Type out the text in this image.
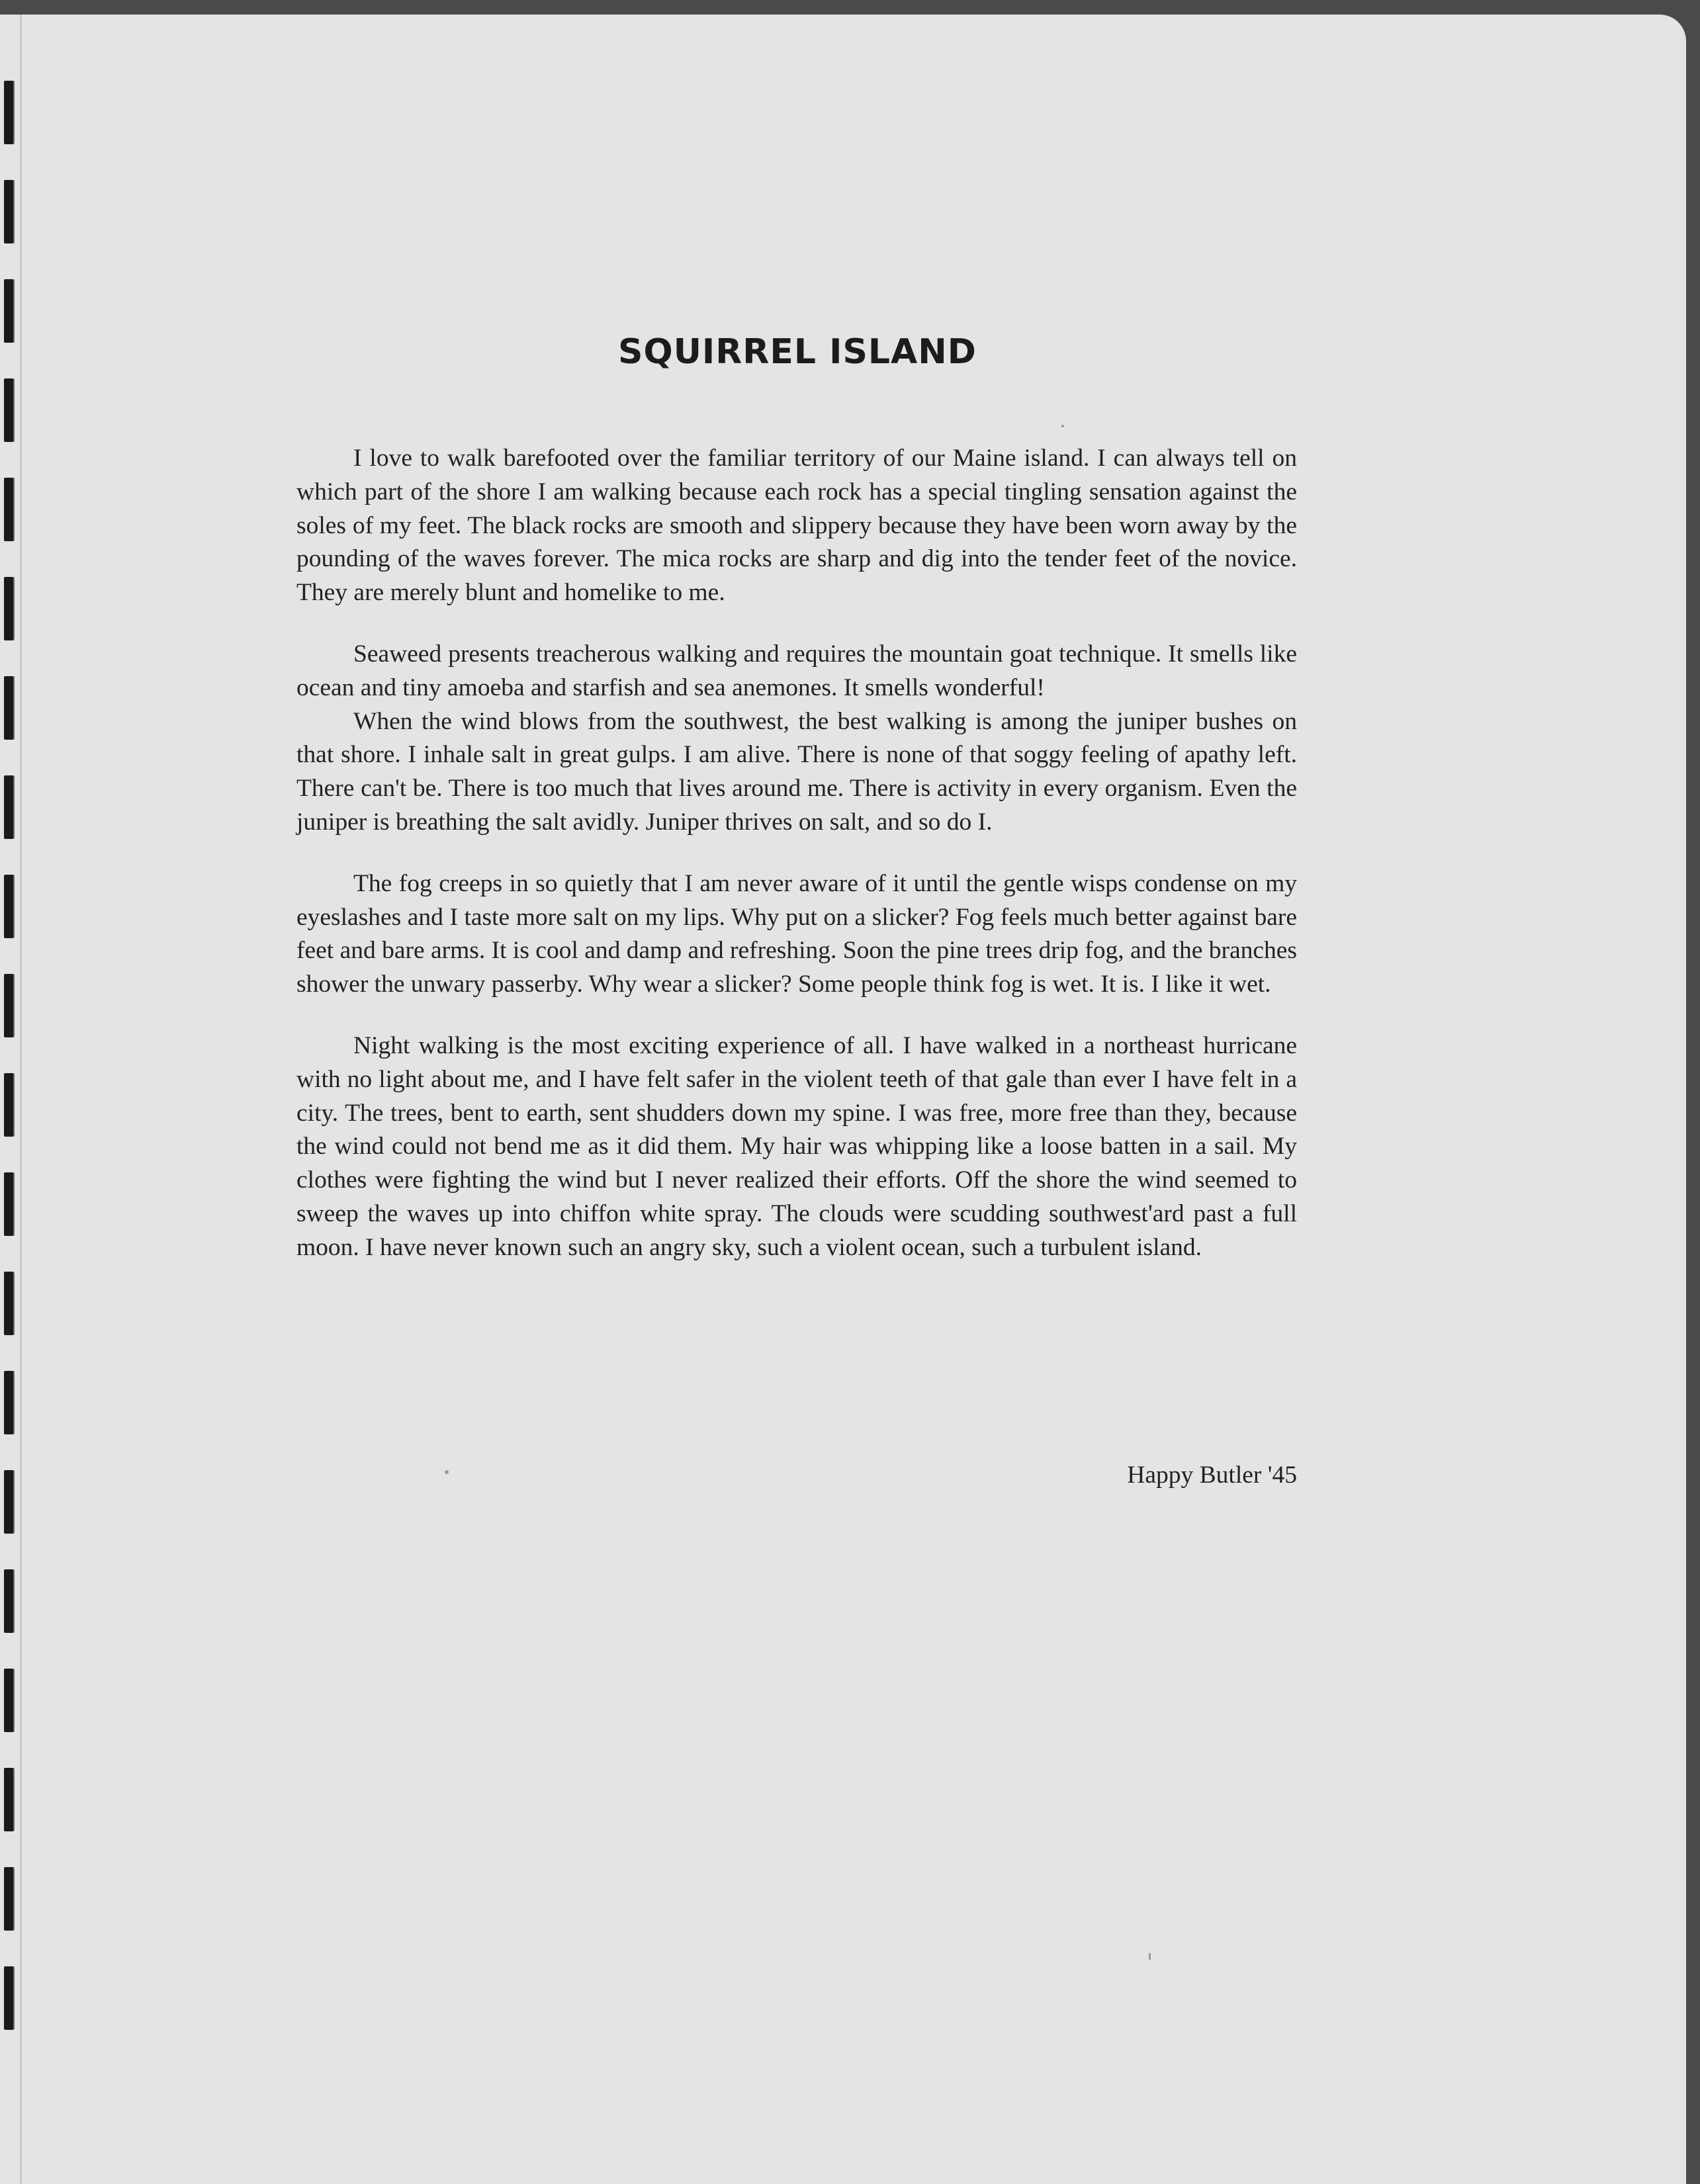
SQUIRREL ISLAND

I love to walk barefooted over the familiar territory of our Maine island. I can always tell on which part of the shore I am walking because each rock has a special tingling sensation against the soles of my feet. The black rocks are smooth and slippery because they have been worn away by the pounding of the waves forever. The mica rocks are sharp and dig into the tender feet of the novice. They are merely blunt and homelike to me.

Seaweed presents treacherous walking and requires the mountain goat technique. It smells like ocean and tiny amoeba and starfish and sea anemones. It smells wonderful!

When the wind blows from the southwest, the best walking is among the juniper bushes on that shore. I inhale salt in great gulps. I am alive. There is none of that soggy feeling of apathy left. There can't be. There is too much that lives around me. There is activity in every organism. Even the juniper is breathing the salt avidly. Juniper thrives on salt, and so do I.

The fog creeps in so quietly that I am never aware of it until the gentle wisps condense on my eyeslashes and I taste more salt on my lips. Why put on a slicker? Fog feels much better against bare feet and bare arms. It is cool and damp and refreshing. Soon the pine trees drip fog, and the branches shower the unwary passerby. Why wear a slicker? Some people think fog is wet. It is. I like it wet.

Night walking is the most exciting experience of all. I have walked in a northeast hurricane with no light about me, and I have felt safer in the violent teeth of that gale than ever I have felt in a city. The trees, bent to earth, sent shudders down my spine. I was free, more free than they, because the wind could not bend me as it did them. My hair was whipping like a loose batten in a sail. My clothes were fighting the wind but I never realized their efforts. Off the shore the wind seemed to sweep the waves up into chiffon white spray. The clouds were scudding southwest'ard past a full moon. I have never known such an angry sky, such a violent ocean, such a turbulent island.

Happy Butler '45
